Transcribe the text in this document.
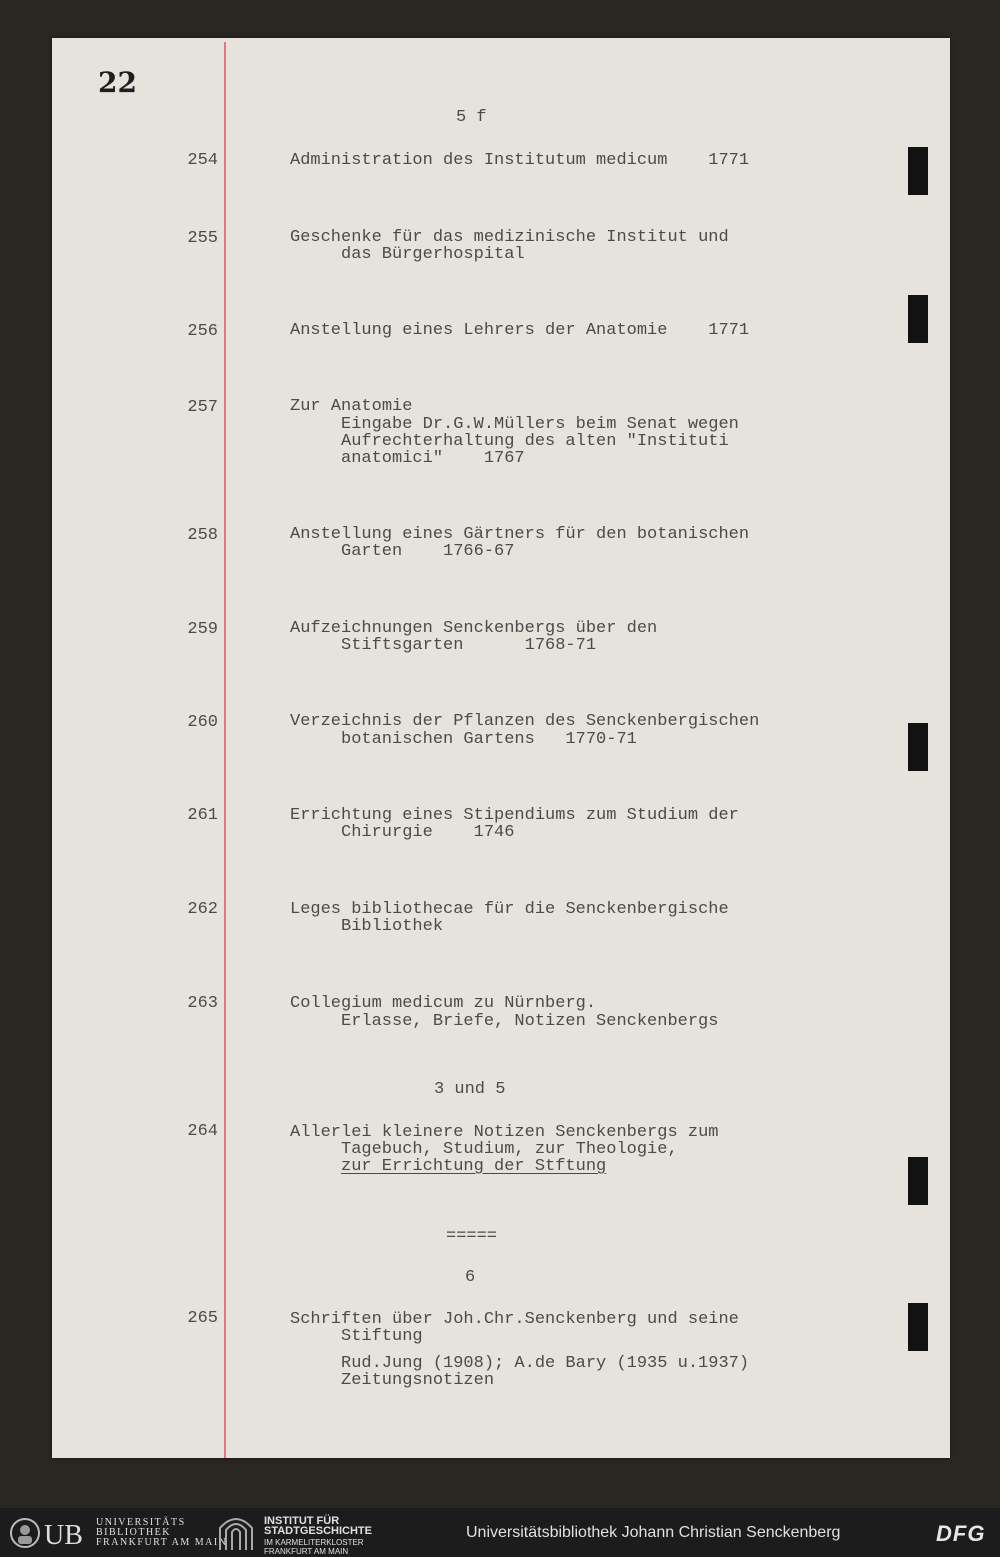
22
5 f
3 und 5
=====
6
254	Administration des Institutum medicum    1771
255	Geschenke für das medizinische Institut und
das Bürgerhospital
256	Anstellung eines Lehrers der Anatomie    1771
257	Zur Anatomie
Eingabe Dr.G.W.Müllers beim Senat wegen
Aufrechterhaltung des alten "Instituti
anatomici"    1767
258	Anstellung eines Gärtners für den botanischen
Garten    1766-67
259	Aufzeichnungen Senckenbergs über den
Stiftsgarten      1768-71
260	Verzeichnis der Pflanzen des Senckenbergischen
botanischen Gartens   1770-71
261	Errichtung eines Stipendiums zum Studium der
Chirurgie    1746
262	Leges bibliothecae für die Senckenbergische
Bibliothek
263	Collegium medicum zu Nürnberg.
Erlasse, Briefe, Notizen Senckenbergs
264	Allerlei kleinere Notizen Senckenbergs zum
Tagebuch, Studium, zur Theologie,
zur Errichtung der Stftung
265	Schriften über Joh.Chr.Senckenberg und seine
Stiftung
Rud.Jung (1908); A.de Bary (1935 u.1937)
Zeitungsnotizen
UB UNIVERSITÄTS
BIBLIOTHEK
FRANKFURT AM MAIN
INSTITUT FÜR
STADTGESCHICHTE
IM KARMELITERKLOSTER
FRANKFURT AM MAIN
Universitätsbibliothek Johann Christian Senckenberg	DFG
